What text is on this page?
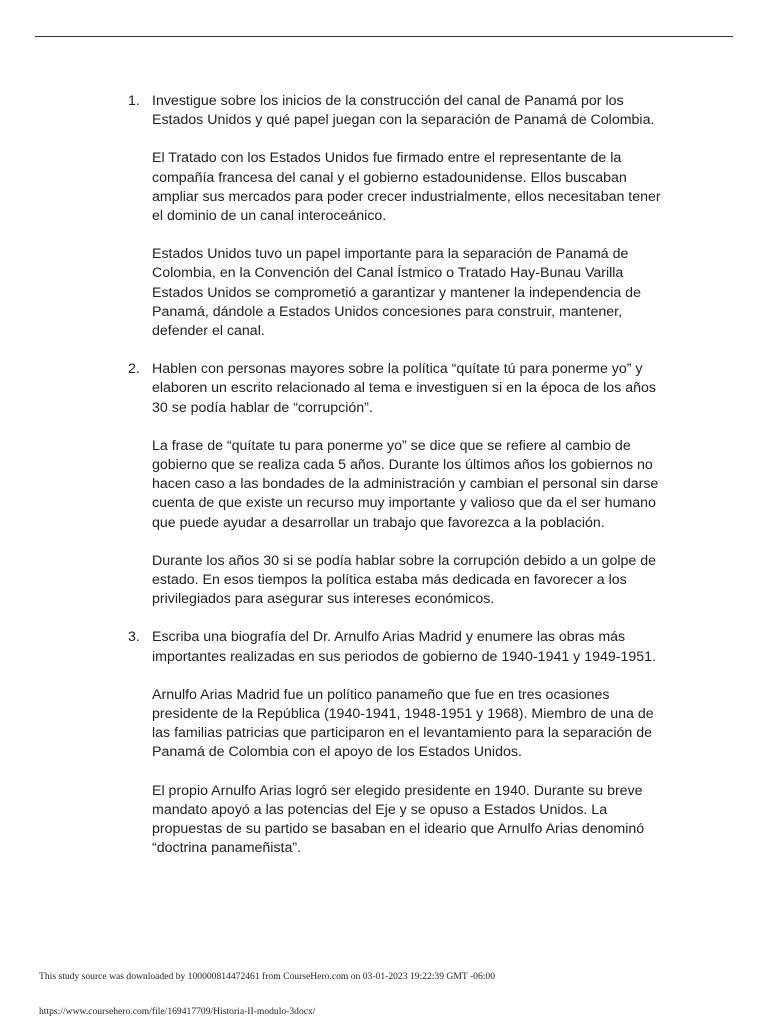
1. Investigue sobre los inicios de la construcción del canal de Panamá por los Estados Unidos y qué papel juegan con la separación de Panamá de Colombia.

El Tratado con los Estados Unidos fue firmado entre el representante de la compañía francesa del canal y el gobierno estadounidense. Ellos buscaban ampliar sus mercados para poder crecer industrialmente, ellos necesitaban tener el dominio de un canal interoceánico.

Estados Unidos tuvo un papel importante para la separación de Panamá de Colombia, en la Convención del Canal Ístmico o Tratado Hay-Bunau Varilla Estados Unidos se comprometió a garantizar y mantener la independencia de Panamá, dándole a Estados Unidos concesiones para construir, mantener, defender el canal.

2. Hablen con personas mayores sobre la política “quítate tú para ponerme yo” y elaboren un escrito relacionado al tema e investiguen si en la época de los años 30 se podía hablar de “corrupción”.

La frase de “quítate tu para ponerme yo” se dice que se refiere al cambio de gobierno que se realiza cada 5 años. Durante los últimos años los gobiernos no hacen caso a las bondades de la administración y cambian el personal sin darse cuenta de que existe un recurso muy importante y valioso que da el ser humano que puede ayudar a desarrollar un trabajo que favorezca a la población.

Durante los años 30 si se podía hablar sobre la corrupción debido a un golpe de estado. En esos tiempos la política estaba más dedicada en favorecer a los privilegiados para asegurar sus intereses económicos.

3. Escriba una biografía del Dr. Arnulfo Arias Madrid y enumere las obras más importantes realizadas en sus periodos de gobierno de 1940-1941 y 1949-1951.

Arnulfo Arias Madrid fue un político panameño que fue en tres ocasiones presidente de la República (1940-1941, 1948-1951 y 1968). Miembro de una de las familias patricias que participaron en el levantamiento para la separación de Panamá de Colombia con el apoyo de los Estados Unidos.

El propio Arnulfo Arias logró ser elegido presidente en 1940. Durante su breve mandato apoyó a las potencias del Eje y se opuso a Estados Unidos. La propuestas de su partido se basaban en el ideario que Arnulfo Arias denominó “doctrina panameñista”.

This study source was downloaded by 100000814472461 from CourseHero.com on 03-01-2023 19:22:39 GMT -06:00
https://www.coursehero.com/file/169417709/Historia-II-modulo-3docx/
